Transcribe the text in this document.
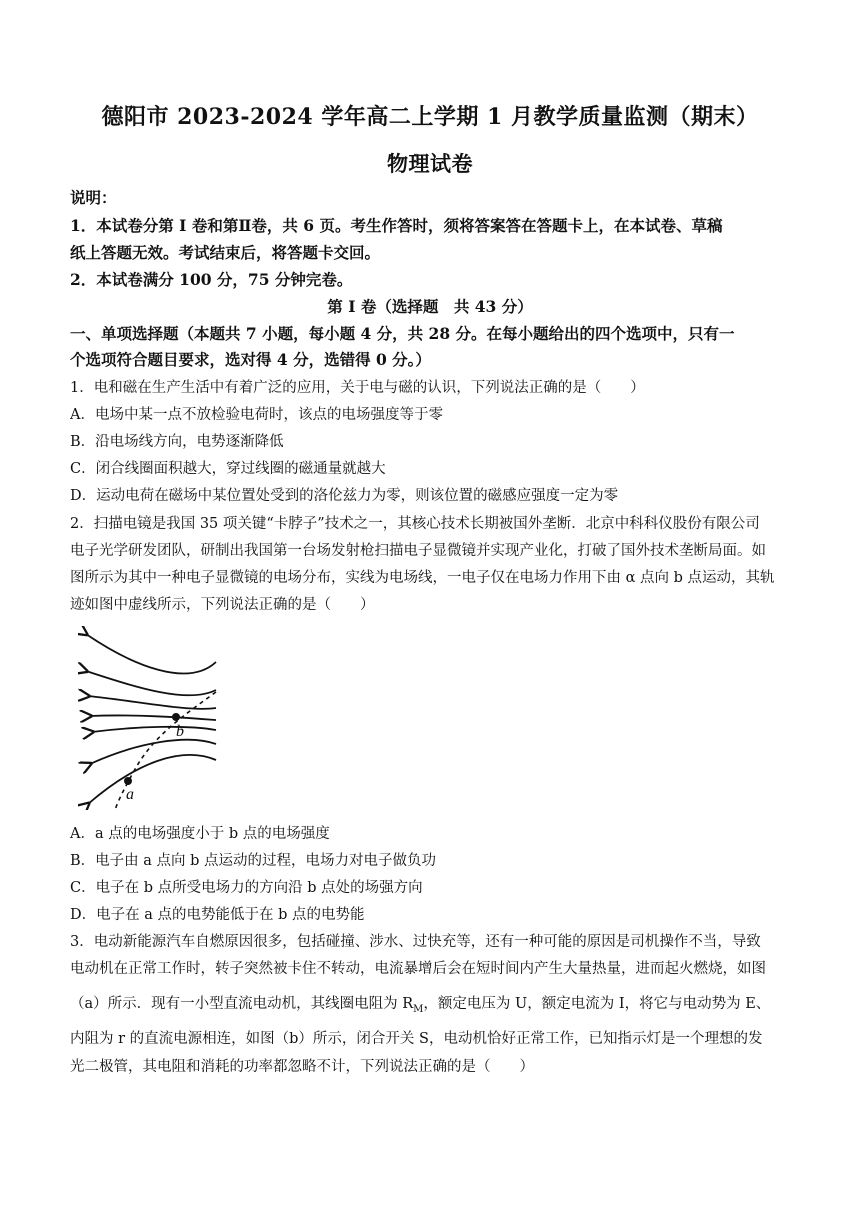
德阳市 2023-2024 学年高二上学期 1 月教学质量监测（期末）
物理试卷
说明：
1．本试卷分第 I 卷和第Ⅱ卷，共 6 页。考生作答时，须将答案答在答题卡上，在本试卷、草稿
纸上答题无效。考试结束后，将答题卡交回。
2．本试卷满分 100 分，75 分钟完卷。
第 I 卷（选择题　共 43 分）
一、单项选择题（本题共 7 小题，每小题 4 分，共 28 分。在每小题给出的四个选项中，只有一
个选项符合题目要求，选对得 4 分，选错得 0 分。）
1．电和磁在生产生活中有着广泛的应用，关于电与磁的认识，下列说法正确的是（　　）
A．电场中某一点不放检验电荷时，该点的电场强度等于零
B．沿电场线方向，电势逐渐降低
C．闭合线圈面积越大，穿过线圈的磁通量就越大
D．运动电荷在磁场中某位置处受到的洛伦兹力为零，则该位置的磁感应强度一定为零
2．扫描电镜是我国 35 项关键“卡脖子”技术之一，其核心技术长期被国外垄断．北京中科科仪股份有限公司
电子光学研发团队，研制出我国第一台场发射枪扫描电子显微镜并实现产业化，打破了国外技术垄断局面。如
图所示为其中一种电子显微镜的电场分布，实线为电场线，一电子仅在电场力作用下由 α 点向 b 点运动，其轨
迹如图中虚线所示，下列说法正确的是（　　）
a
b
A．a 点的电场强度小于 b 点的电场强度
B．电子由 a 点向 b 点运动的过程，电场力对电子做负功
C．电子在 b 点所受电场力的方向沿 b 点处的场强方向
D．电子在 a 点的电势能低于在 b 点的电势能
3．电动新能源汽车自燃原因很多，包括碰撞、涉水、过快充等，还有一种可能的原因是司机操作不当，导致
电动机在正常工作时，转子突然被卡住不转动，电流暴增后会在短时间内产生大量热量，进而起火燃烧，如图
（a）所示．现有一小型直流电动机，其线圈电阻为 $R_M$，额定电压为 U，额定电流为 I，将它与电动势为 E、
内阻为 r 的直流电源相连，如图（b）所示，闭合开关 S，电动机恰好正常工作，已知指示灯是一个理想的发
光二极管，其电阻和消耗的功率都忽略不计，下列说法正确的是（　　）
